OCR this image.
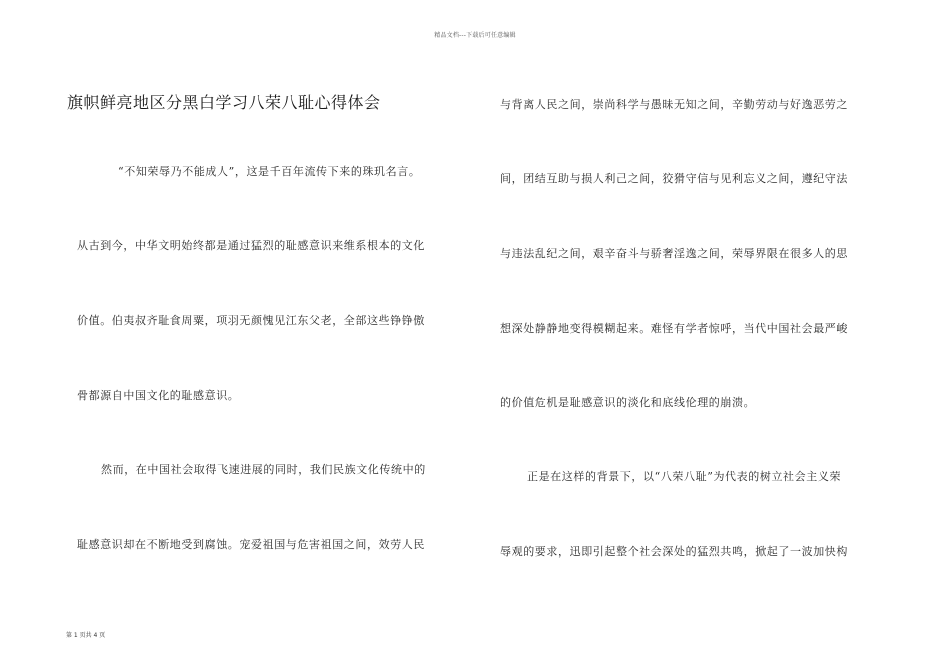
精品文档---下载后可任意编辑
旗帜鲜亮地区分黑白学习八荣八耻心得体会
“不知荣辱乃不能成人”，这是千百年流传下来的珠玑名言。
从古到今，中华文明始终都是通过猛烈的耻感意识来维系根本的文化
价值。伯夷叔齐耻食周粟，项羽无颜愧见江东父老，全部这些铮铮傲
骨都源自中国文化的耻感意识。
然而，在中国社会取得飞速进展的同时，我们民族文化传统中的
耻感意识却在不断地受到腐蚀。宠爱祖国与危害祖国之间，效劳人民
与背离人民之间，崇尚科学与愚昧无知之间，辛勤劳动与好逸恶劳之
间，团结互助与损人利己之间，狡猾守信与见利忘义之间，遵纪守法
与违法乱纪之间，艰辛奋斗与骄奢淫逸之间，荣辱界限在很多人的思
想深处静静地变得模糊起来。难怪有学者惊呼，当代中国社会最严峻
的价值危机是耻感意识的淡化和底线伦理的崩溃。
正是在这样的背景下，以“八荣八耻”为代表的树立社会主义荣
辱观的要求，迅即引起整个社会深处的猛烈共鸣，掀起了一波加快构
第 1 页共 4 页
